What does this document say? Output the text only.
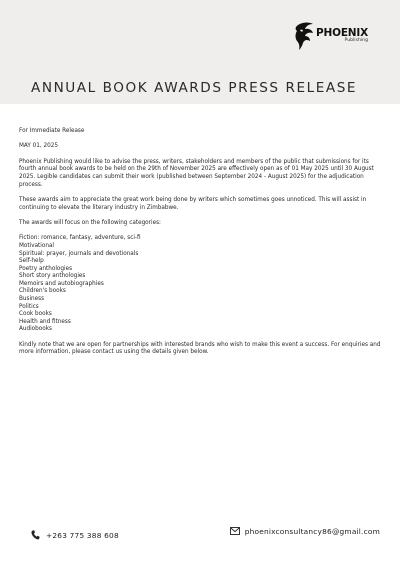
PHOENIX
Publishing
ANNUAL BOOK AWARDS PRESS RELEASE

For Immediate Release

MAY 01, 2025

Phoenix Publishing would like to advise the press, writers, stakeholders and members of the public that submissions for its fourth annual book awards to be held on the 29th of November 2025 are effectively open as of 01 May 2025 until 30 August 2025. Legible candidates can submit their work (published between September 2024 - August 2025) for the adjudication process.

These awards aim to appreciate the great work being done by writers which sometimes goes unnoticed. This will assist in continuing to elevate the literary industry in Zimbabwe.

The awards will focus on the following categories:

Fiction: romance, fantasy, adventure, sci-fi
Motivational
Spiritual: prayer, journals and devotionals
Self-help
Poetry anthologies
Short story anthologies
Memoirs and autobiographies
Children's books
Business
Politics
Cook books
Health and fitness
Audiobooks

Kindly note that we are open for partnerships with interested brands who wish to make this event a success. For enquiries and more information, please contact us using the details given below.

+263 775 388 608	phoenixconsultancy86@gmail.com
